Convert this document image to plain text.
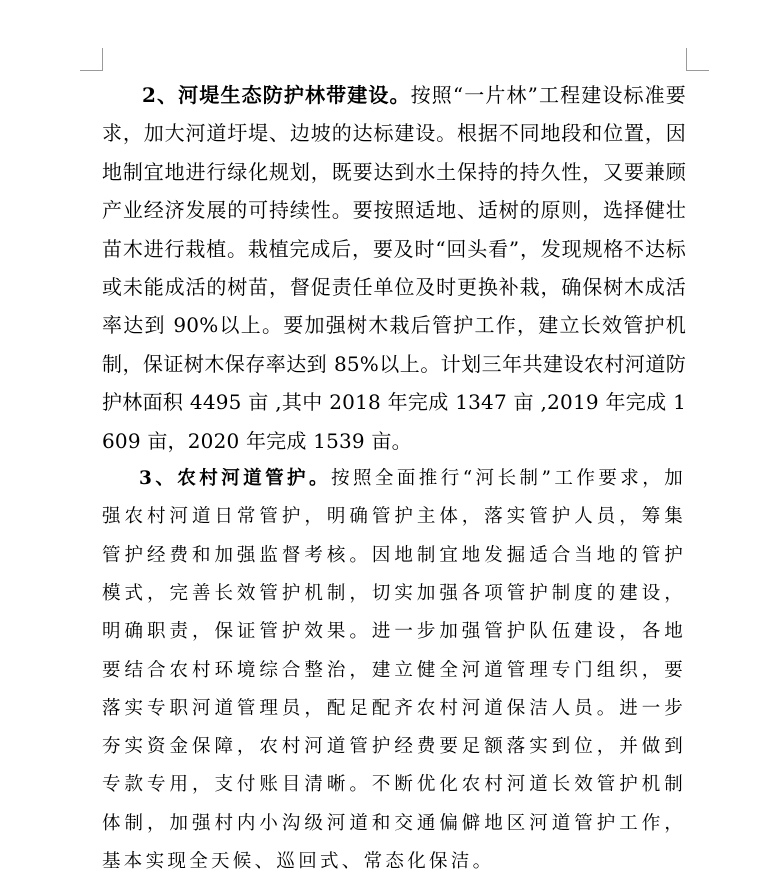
2、河堤生态防护林带建设。按照“一片林”工程建设标准要求，加大河道圩堤、边坡的达标建设。根据不同地段和位置，因地制宜地进行绿化规划，既要达到水土保持的持久性，又要兼顾产业经济发展的可持续性。要按照适地、适树的原则，选择健壮苗木进行栽植。栽植完成后，要及时“回头看”，发现规格不达标或未能成活的树苗，督促责任单位及时更换补栽，确保树木成活率达到 90%以上。要加强树木栽后管护工作，建立长效管护机制，保证树木保存率达到 85%以上。计划三年共建设农村河道防护林面积 4495 亩 ,其中 2018 年完成 1347 亩 ,2019 年完成 1609 亩，2020 年完成 1539 亩。

3、农村河道管护。按照全面推行“河长制”工作要求，加强农村河道日常管护，明确管护主体，落实管护人员，筹集管护经费和加强监督考核。因地制宜地发掘适合当地的管护模式，完善长效管护机制，切实加强各项管护制度的建设，明确职责，保证管护效果。进一步加强管护队伍建设，各地要结合农村环境综合整治，建立健全河道管理专门组织，要落实专职河道管理员，配足配齐农村河道保洁人员。进一步夯实资金保障，农村河道管护经费要足额落实到位，并做到专款专用，支付账目清晰。不断优化农村河道长效管护机制体制，加强村内小沟级河道和交通偏僻地区河道管护工作，基本实现全天候、巡回式、常态化保洁。
